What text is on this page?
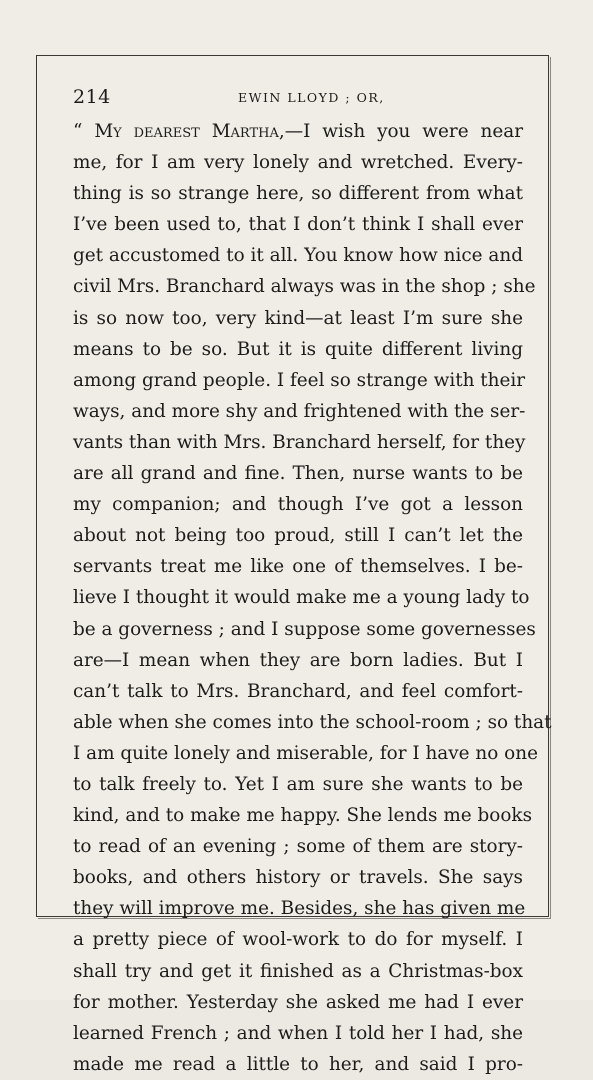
214	EWIN LLOYD ; OR,
“ My dearest Martha,—I wish you were near
me, for I am very lonely and wretched. Every-
thing is so strange here, so different from what
I’ve been used to, that I don’t think I shall ever
get accustomed to it all. You know how nice and
civil Mrs. Branchard always was in the shop ; she
is so now too, very kind—at least I’m sure she
means to be so. But it is quite different living
among grand people. I feel so strange with their
ways, and more shy and frightened with the ser-
vants than with Mrs. Branchard herself, for they
are all grand and fine. Then, nurse wants to be
my companion; and though I’ve got a lesson
about not being too proud, still I can’t let the
servants treat me like one of themselves. I be-
lieve I thought it would make me a young lady to
be a governess ; and I suppose some governesses
are—I mean when they are born ladies. But I
can’t talk to Mrs. Branchard, and feel comfort-
able when she comes into the school-room ; so that
I am quite lonely and miserable, for I have no one
to talk freely to. Yet I am sure she wants to be
kind, and to make me happy. She lends me books
to read of an evening ; some of them are story-
books, and others history or travels. She says
they will improve me. Besides, she has given me
a pretty piece of wool-work to do for myself. I
shall try and get it finished as a Christmas-box
for mother. Yesterday she asked me had I ever
learned French ; and when I told her I had, she
made me read a little to her, and said I pro-
